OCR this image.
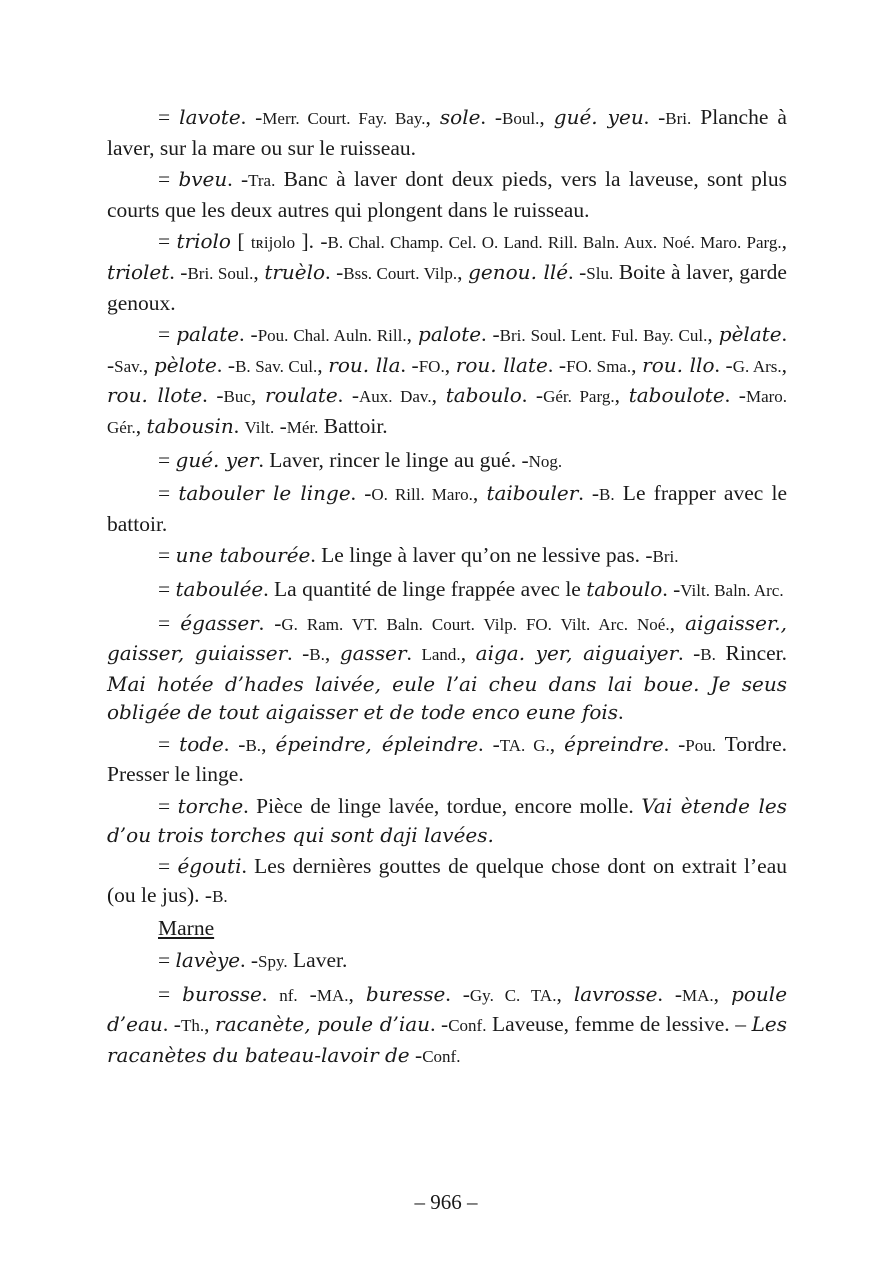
= lavote. -Merr. Court. Fay. Bay., sole. -Boul., gué. yeu. -Bri. Planche à laver, sur la mare ou sur le ruisseau.

= bveu. -Tra. Banc à laver dont deux pieds, vers la laveuse, sont plus courts que les deux autres qui plongent dans le ruisseau.

= triolo [ tʀijolo ]. -B. Chal. Champ. Cel. O. Land. Rill. Baln. Aux. Noé. Maro. Parg., triolet. -Bri. Soul., truèlo. -Bss. Court. Vilp., genou. llé. -Slu. Boite à laver, garde genoux.

= palate. -Pou. Chal. Auln. Rill., palote. -Bri. Soul. Lent. Ful. Bay. Cul., pèlate. -Sav., pèlote. -B. Sav. Cul., rou. lla. -FO., rou. llate. -FO. Sma., rou. llo. -G. Ars., rou. llote. -Buc, roulate. -Aux. Dav., taboulo. -Gér. Parg., taboulote. -Maro. Gér., tabousin. Vilt. -Mér. Battoir.

= gué. yer. Laver, rincer le linge au gué. -Nog.

= tabouler le linge. -O. Rill. Maro., taibouler. -B. Le frapper avec le battoir.

= une tabourée. Le linge à laver qu’on ne lessive pas. -Bri.

= taboulée. La quantité de linge frappée avec le taboulo. -Vilt. Baln. Arc.

= égasser. -G. Ram. VT. Baln. Court. Vilp. FO. Vilt. Arc. Noé., aigaisser., gaisser, guiaisser. -B., gasser. Land., aiga. yer, aiguaiyer. -B. Rincer. Mai hotée d’hades laivée, eule l’ai cheu dans lai boue. Je seus obligée de tout aigaisser et de tode enco eune fois.

= tode. -B., épeindre, épleindre. -TA. G., épreindre. -Pou. Tordre. Presser le linge.

= torche. Pièce de linge lavée, tordue, encore molle. Vai ètende les d’ou trois torches qui sont daji lavées.

= égouti. Les dernières gouttes de quelque chose dont on extrait l’eau (ou le jus). -B.

Marne

= lavèye. -Spy. Laver.

= burosse. nf. -MA., buresse. -Gy. C. TA., lavrosse. -MA., poule d’eau. -Th., racanète, poule d’iau. -Conf. Laveuse, femme de lessive. – Les racanètes du bateau-lavoir de -Conf.

– 966 –
